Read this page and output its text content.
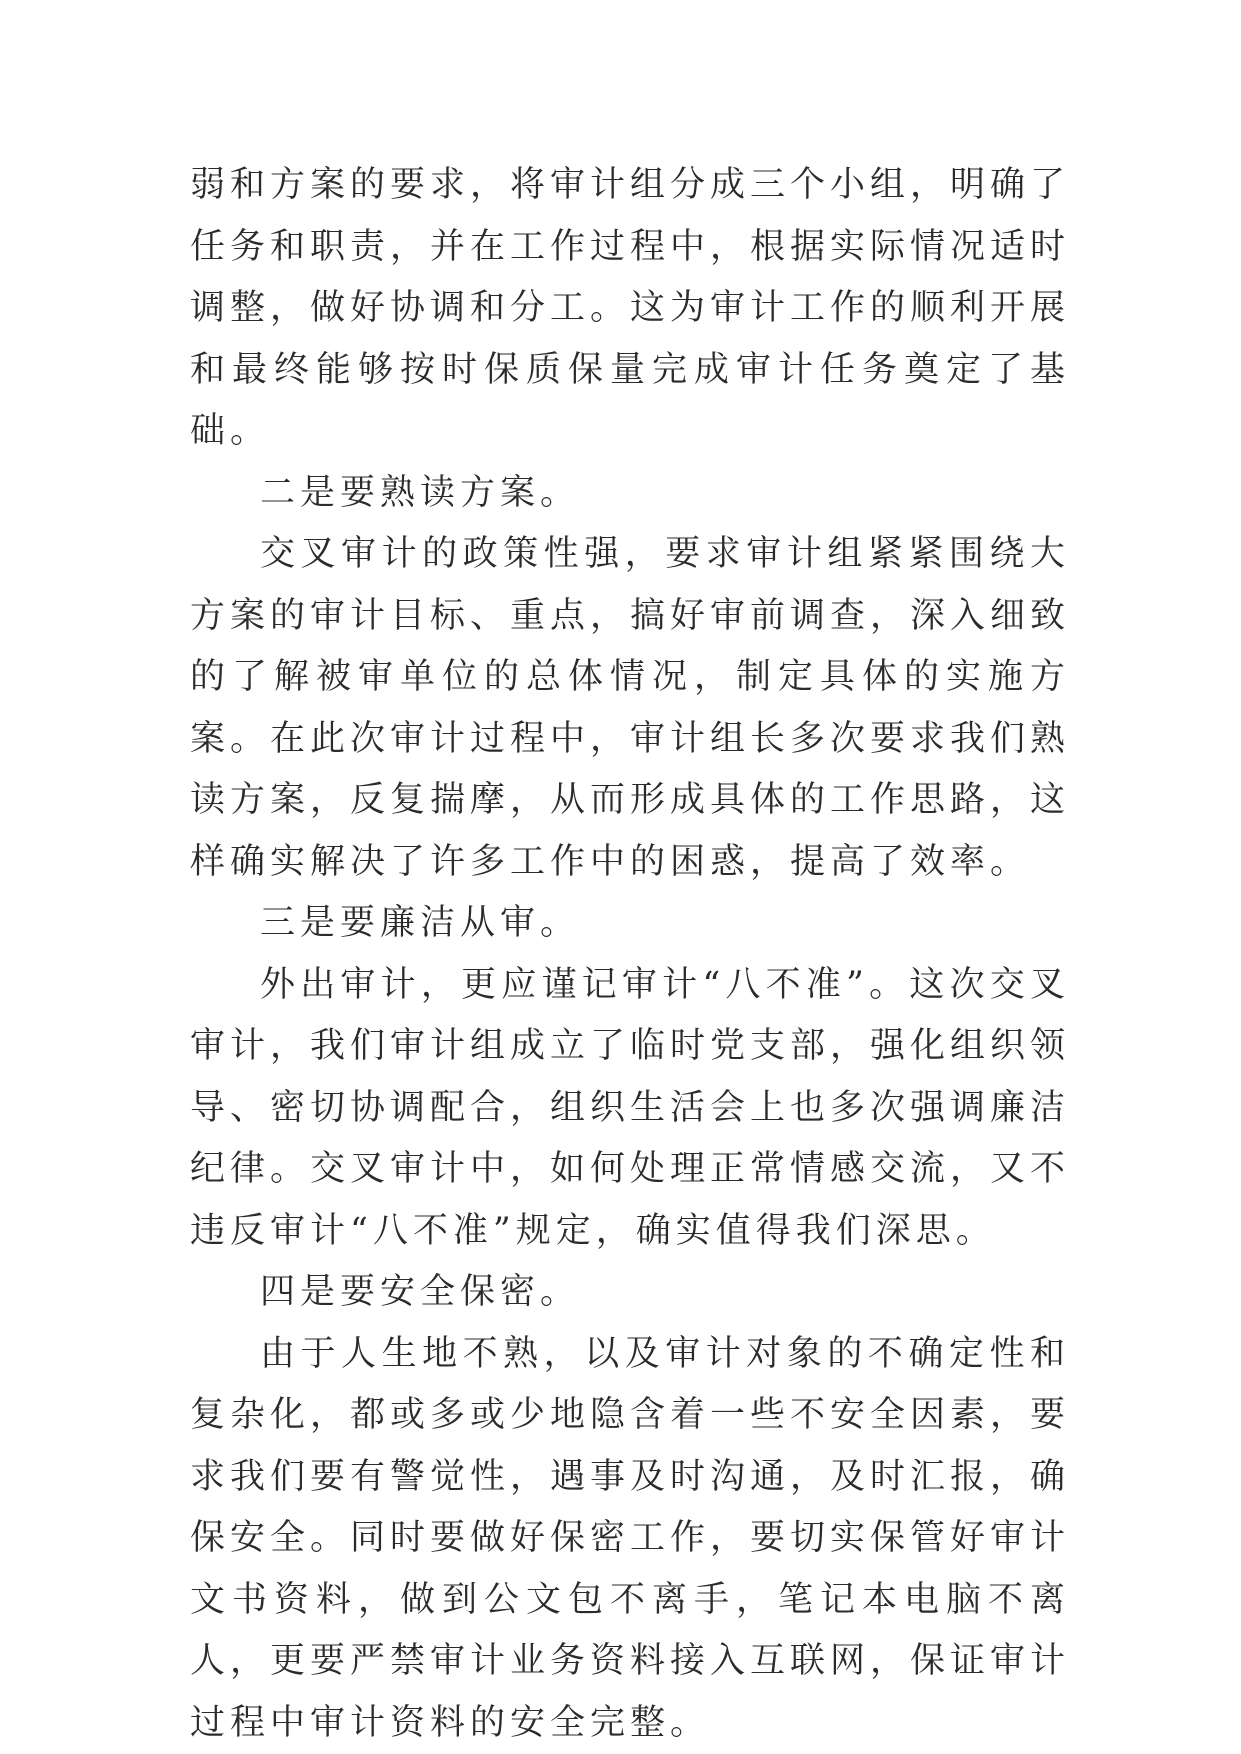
弱和方案的要求，将审计组分成三个小组，明确了任务和职责，并在工作过程中，根据实际情况适时调整，做好协调和分工。这为审计工作的顺利开展和最终能够按时保质保量完成审计任务奠定了基础。

二是要熟读方案。

交叉审计的政策性强，要求审计组紧紧围绕大方案的审计目标、重点，搞好审前调查，深入细致的了解被审单位的总体情况，制定具体的实施方案。在此次审计过程中，审计组长多次要求我们熟读方案，反复揣摩，从而形成具体的工作思路，这样确实解决了许多工作中的困惑，提高了效率。

三是要廉洁从审。

外出审计，更应谨记审计“八不准”。这次交叉审计，我们审计组成立了临时党支部，强化组织领导、密切协调配合，组织生活会上也多次强调廉洁纪律。交叉审计中，如何处理正常情感交流，又不违反审计“八不准”规定，确实值得我们深思。

四是要安全保密。

由于人生地不熟，以及审计对象的不确定性和复杂化，都或多或少地隐含着一些不安全因素，要求我们要有警觉性，遇事及时沟通，及时汇报，确保安全。同时要做好保密工作，要切实保管好审计文书资料，做到公文包不离手，笔记本电脑不离人，更要严禁审计业务资料接入互联网，保证审计过程中审计资料的安全完整。
